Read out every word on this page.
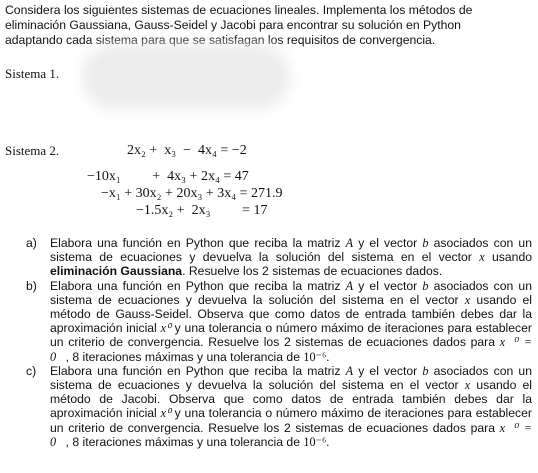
Considera los siguientes sistemas de ecuaciones lineales. Implementa los métodos de
eliminación Gaussiana, Gauss-Seidel y Jacobi para encontrar su solución en Python
adaptando cada sistema para que se satisfagan los requisitos de convergencia.

Sistema 1.
Sistema 2.	2x₂ +  x₃  −  4x₄ = −2
−10x₁         +  4x₃ + 2x₄ = 47
−x₁ + 30x₂ + 20x₃ + 3x₄ = 271.9
−1.5x₂ +  2x₃         = 17
a)	Elabora una función en Python que reciba la matriz A y el vector b asociados con un sistema de ecuaciones y devuelva la solución del sistema en el vector x usando eliminación Gaussiana. Resuelve los 2 sistemas de ecuaciones dados.
b)	Elabora una función en Python que reciba la matriz A y el vector b asociados con un sistema de ecuaciones y devuelva la solución del sistema en el vector x usando el método de Gauss-Seidel. Observa que como datos de entrada también debes dar la aproximación inicial x⁰ y una tolerancia o número máximo de iteraciones para establecer un criterio de convergencia. Resuelve los 2 sistemas de ecuaciones dados para x⃗⁰ = 0⃗, 8 iteraciones máximas y una tolerancia de 10⁻⁶.
c)	Elabora una función en Python que reciba la matriz A y el vector b asociados con un sistema de ecuaciones y devuelva la solución del sistema en el vector x usando el método de Jacobi. Observa que como datos de entrada también debes dar la aproximación inicial x⁰ y una tolerancia o número máximo de iteraciones para establecer un criterio de convergencia. Resuelve los 2 sistemas de ecuaciones dados para x⃗⁰ = 0⃗, 8 iteraciones máximas y una tolerancia de 10⁻⁶.
